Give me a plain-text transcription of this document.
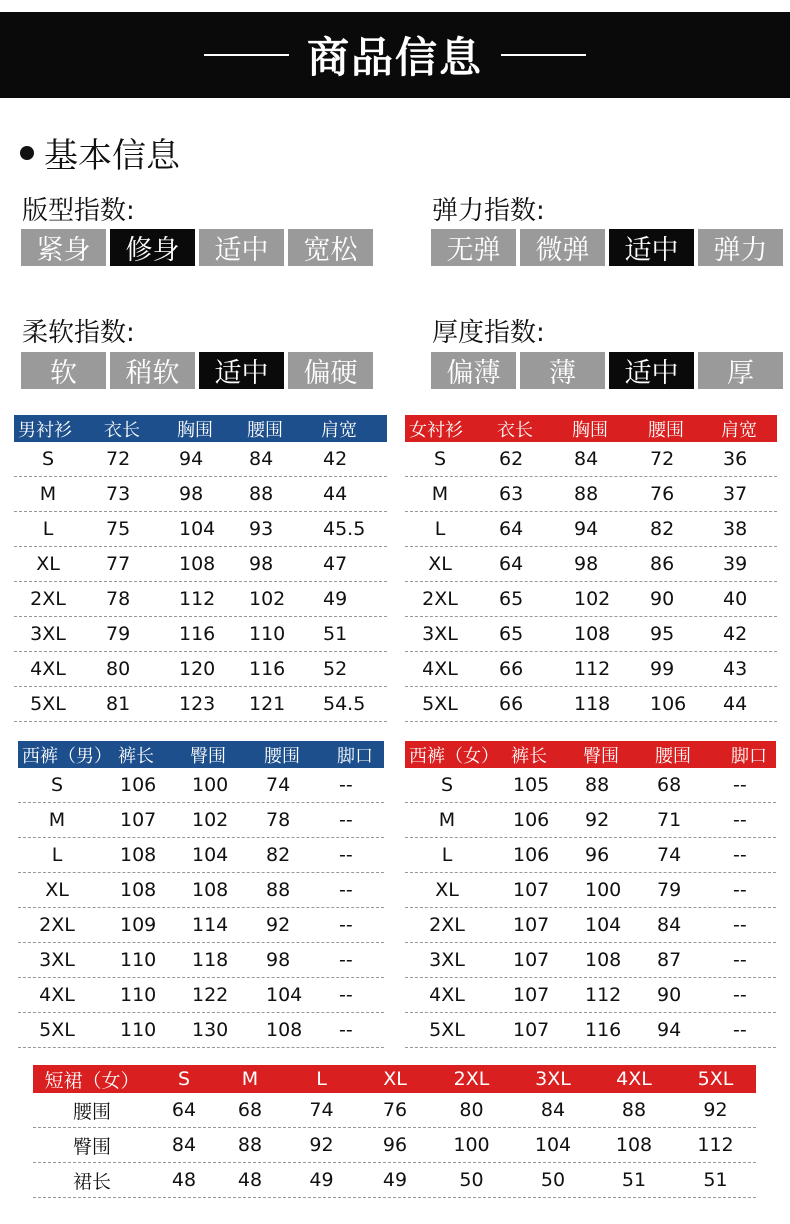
商品信息
基本信息
版型指数:
紧身	修身	适中	宽松
弹力指数:
无弹	微弹	适中	弹力
柔软指数:
软	稍软	适中	偏硬
厚度指数:
偏薄	薄	适中	厚
男衬衫	衣长	胸围	腰围	肩宽
S	72	94	84	42
M	73	98	88	44
L	75	104	93	45.5
XL	77	108	98	47
2XL	78	112	102	49
3XL	79	116	110	51
4XL	80	120	116	52
5XL	81	123	121	54.5
女衬衫	衣长	胸围	腰围	肩宽
S	62	84	72	36
M	63	88	76	37
L	64	94	82	38
XL	64	98	86	39
2XL	65	102	90	40
3XL	65	108	95	42
4XL	66	112	99	43
5XL	66	118	106	44
西裤（男） 裤长	臀围	腰围	脚口
S	106	100	74	--
M	107	102	78	--
L	108	104	82	--
XL	108	108	88	--
2XL	109	114	92	--
3XL	110	118	98	--
4XL	110	122	104	--
5XL	110	130	108	--
西裤（女） 裤长	臀围	腰围	脚口
S	105	88	68	--
M	106	92	71	--
L	106	96	74	--
XL	107	100	79	--
2XL	107	104	84	--
3XL	107	108	87	--
4XL	107	112	90	--
5XL	107	116	94	--
短裙（女）	S	M	L	XL	2XL	3XL	4XL	5XL
腰围	64	68	74	76	80	84	88	92
臀围	84	88	92	96	100	104	108	112
裙长	48	48	49	49	50	50	51	51
